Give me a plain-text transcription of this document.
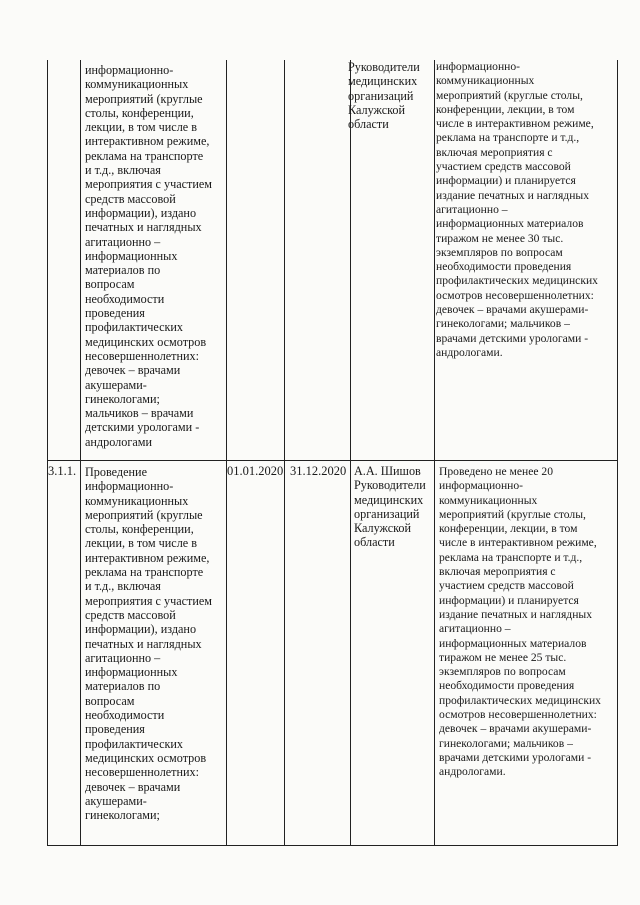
информационно-
коммуникационных
мероприятий (круглые
столы, конференции,
лекции, в том числе в
интерактивном режиме,
реклама на транспорте
и т.д., включая
мероприятия с участием
средств массовой
информации), издано
печатных и наглядных
агитационно –
информационных
материалов по
вопросам
необходимости
проведения
профилактических
медицинских осмотров
несовершеннолетних:
девочек – врачами
акушерами-
гинекологами;
мальчиков – врачами
детскими урологами -
андрологами
Руководители
медицинских
организаций
Калужской
области
информационно-
коммуникационных
мероприятий (круглые столы,
конференции, лекции, в том
числе в интерактивном режиме,
реклама на транспорте и т.д.,
включая мероприятия с
участием средств массовой
информации) и планируется
издание печатных и наглядных
агитационно –
информационных материалов
тиражом не менее 30 тыс.
экземпляров по вопросам
необходимости проведения
профилактических медицинских
осмотров несовершеннолетних:
девочек – врачами акушерами-
гинекологами; мальчиков –
врачами детскими урологами -
андрологами.
3.1.1. Проведение
информационно-
коммуникационных
мероприятий (круглые
столы, конференции,
лекции, в том числе в
интерактивном режиме,
реклама на транспорте
и т.д., включая
мероприятия с участием
средств массовой
информации), издано
печатных и наглядных
агитационно –
информационных
материалов по
вопросам
необходимости
проведения
профилактических
медицинских осмотров
несовершеннолетних:
девочек – врачами
акушерами-
гинекологами;
01.01.2020 31.12.2020 А.А. Шишов
Руководители
медицинских
организаций
Калужской
области
Проведено не менее 20
информационно-
коммуникационных
мероприятий (круглые столы,
конференции, лекции, в том
числе в интерактивном режиме,
реклама на транспорте и т.д.,
включая мероприятия с
участием средств массовой
информации) и планируется
издание печатных и наглядных
агитационно –
информационных материалов
тиражом не менее 25 тыс.
экземпляров по вопросам
необходимости проведения
профилактических медицинских
осмотров несовершеннолетних:
девочек – врачами акушерами-
гинекологами; мальчиков –
врачами детскими урологами -
андрологами.
